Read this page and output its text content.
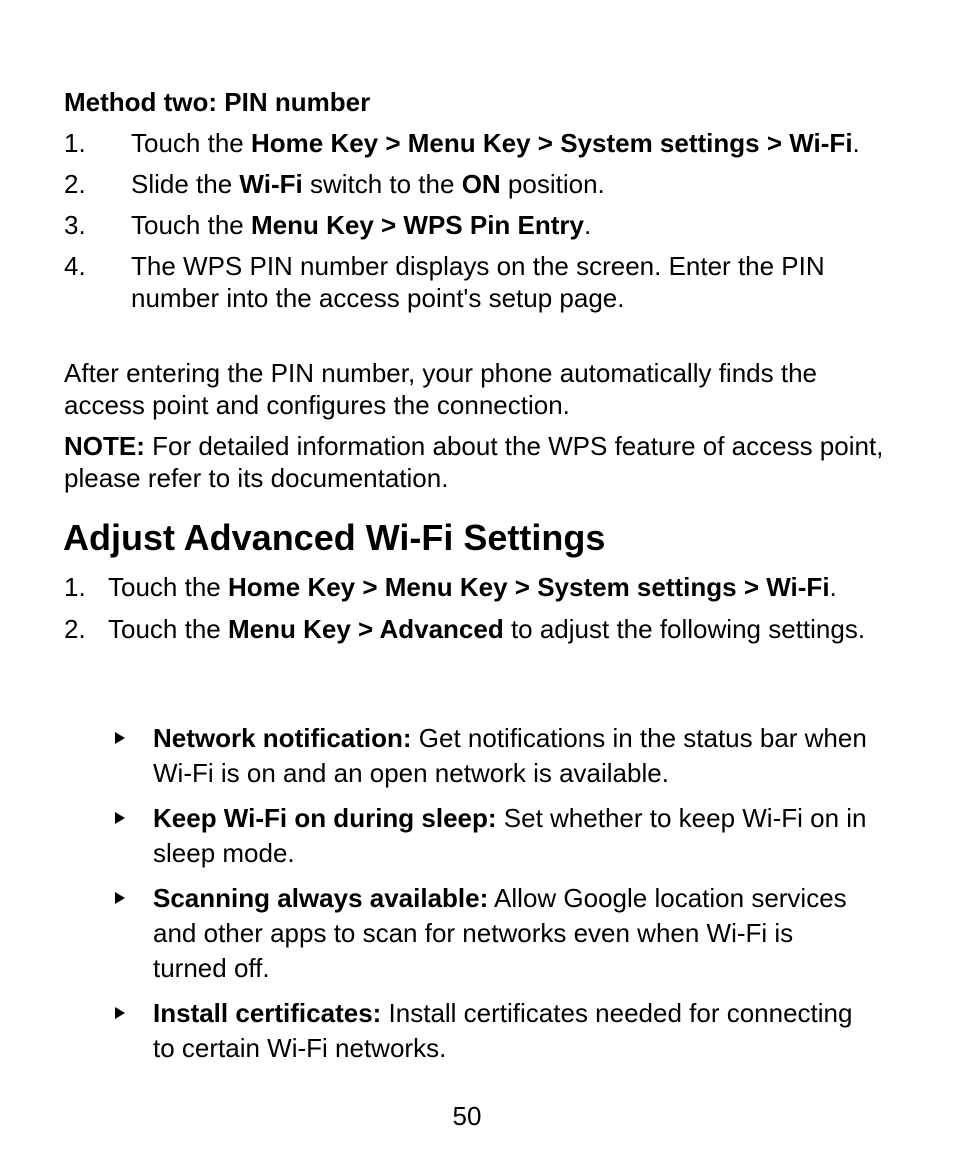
Method two: PIN number
1. Touch the Home Key > Menu Key > System settings > Wi-Fi.
2. Slide the Wi-Fi switch to the ON position.
3. Touch the Menu Key > WPS Pin Entry.
4. The WPS PIN number displays on the screen. Enter the PIN number into the access point's setup page.

After entering the PIN number, your phone automatically finds the access point and configures the connection.

NOTE: For detailed information about the WPS feature of access point, please refer to its documentation.

Adjust Advanced Wi-Fi Settings
1. Touch the Home Key > Menu Key > System settings > Wi-Fi.
2. Touch the Menu Key > Advanced to adjust the following settings.
Network notification: Get notifications in the status bar when Wi-Fi is on and an open network is available.
Keep Wi-Fi on during sleep: Set whether to keep Wi-Fi on in sleep mode.
Scanning always available: Allow Google location services and other apps to scan for networks even when Wi-Fi is turned off.
Install certificates: Install certificates needed for connecting to certain Wi-Fi networks.
50
